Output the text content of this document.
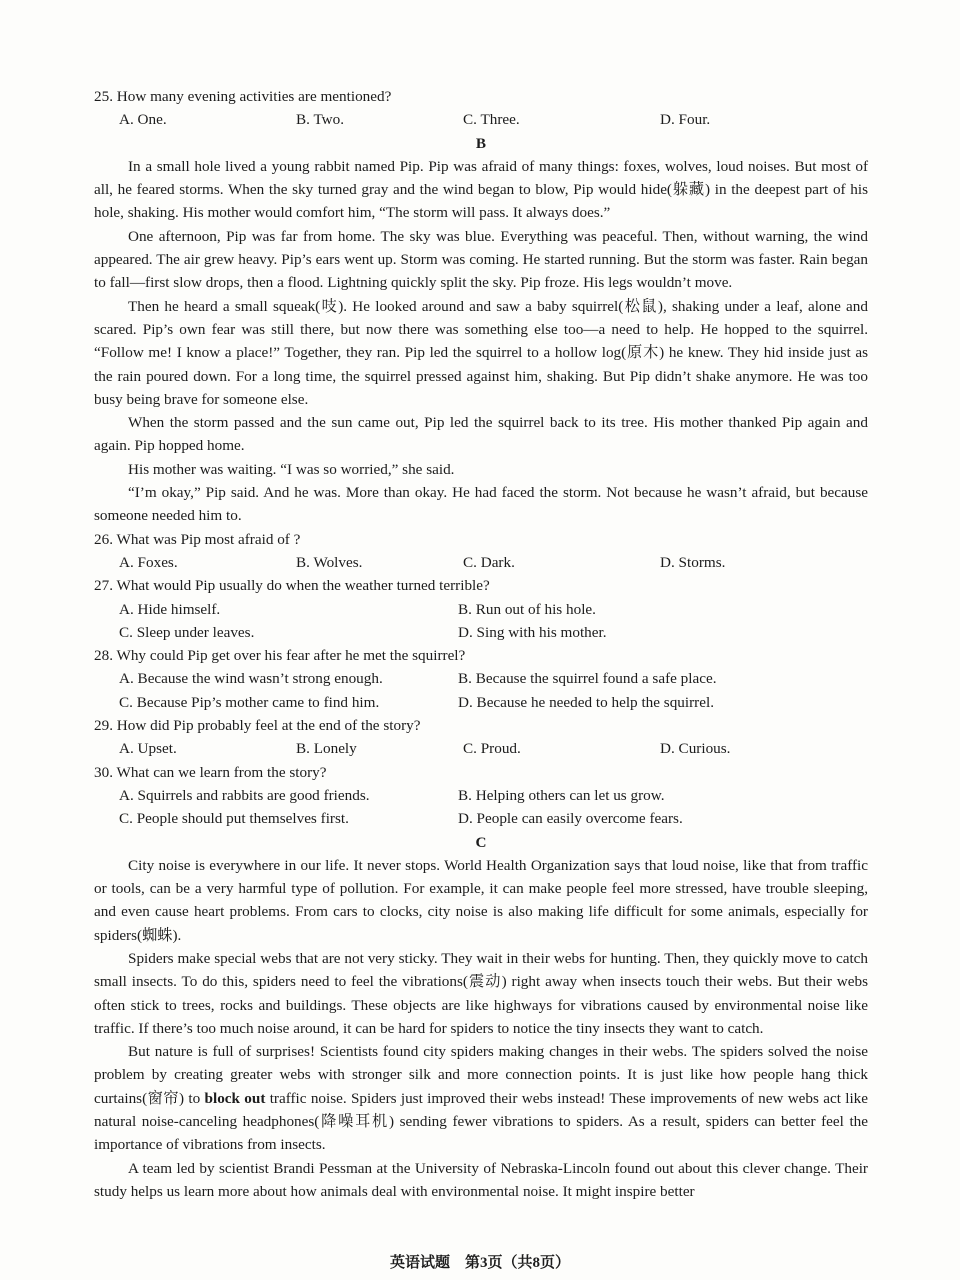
25. How many evening activities are mentioned?
A. One.	B. Two.	C. Three.	D. Four.
B

In a small hole lived a young rabbit named Pip. Pip was afraid of many things: foxes, wolves, loud noises. But most of all, he feared storms. When the sky turned gray and the wind began to blow, Pip would hide(躲藏) in the deepest part of his hole, shaking. His mother would comfort him, “The storm will pass. It always does.”

One afternoon, Pip was far from home. The sky was blue. Everything was peaceful. Then, without warning, the wind appeared. The air grew heavy. Pip’s ears went up. Storm was coming. He started running. But the storm was faster. Rain began to fall—first slow drops, then a flood. Lightning quickly split the sky. Pip froze. His legs wouldn’t move.

Then he heard a small squeak(吱). He looked around and saw a baby squirrel(松鼠), shaking under a leaf, alone and scared. Pip’s own fear was still there, but now there was something else too—a need to help. He hopped to the squirrel. “Follow me! I know a place!” Together, they ran. Pip led the squirrel to a hollow log(原木) he knew. They hid inside just as the rain poured down. For a long time, the squirrel pressed against him, shaking. But Pip didn’t shake anymore. He was too busy being brave for someone else.

When the storm passed and the sun came out, Pip led the squirrel back to its tree. His mother thanked Pip again and again. Pip hopped home.

His mother was waiting. “I was so worried,” she said.

“I’m okay,” Pip said. And he was. More than okay. He had faced the storm. Not because he wasn’t afraid, but because someone needed him to.

26. What was Pip most afraid of ?
A. Foxes.	B. Wolves.	C. Dark.	D. Storms.
27. What would Pip usually do when the weather turned terrible?
A. Hide himself.	B. Run out of his hole.
C. Sleep under leaves.	D. Sing with his mother.
28. Why could Pip get over his fear after he met the squirrel?
A. Because the wind wasn’t strong enough.	B. Because the squirrel found a safe place.
C. Because Pip’s mother came to find him.	D. Because he needed to help the squirrel.
29. How did Pip probably feel at the end of the story?
A. Upset.	B. Lonely	C. Proud.	D. Curious.
30. What can we learn from the story?
A. Squirrels and rabbits are good friends.	B. Helping others can let us grow.
C. People should put themselves first.	D. People can easily overcome fears.
C

City noise is everywhere in our life. It never stops. World Health Organization says that loud noise, like that from traffic or tools, can be a very harmful type of pollution. For example, it can make people feel more stressed, have trouble sleeping, and even cause heart problems. From cars to clocks, city noise is also making life difficult for some animals, especially for spiders(蜘蛛).

Spiders make special webs that are not very sticky. They wait in their webs for hunting. Then, they quickly move to catch small insects. To do this, spiders need to feel the vibrations(震动) right away when insects touch their webs. But their webs often stick to trees, rocks and buildings. These objects are like highways for vibrations caused by environmental noise like traffic. If there’s too much noise around, it can be hard for spiders to notice the tiny insects they want to catch.

But nature is full of surprises! Scientists found city spiders making changes in their webs. The spiders solved the noise problem by creating greater webs with stronger silk and more connection points. It is just like how people hang thick curtains(窗帘) to block out traffic noise. Spiders just improved their webs instead! These improvements of new webs act like natural noise-canceling headphones(降噪耳机) sending fewer vibrations to spiders. As a result, spiders can better feel the importance of vibrations from insects.

A team led by scientist Brandi Pessman at the University of Nebraska-Lincoln found out about this clever change. Their study helps us learn more about how animals deal with environmental noise. It might inspire better

英语试题　第3页（共8页）
